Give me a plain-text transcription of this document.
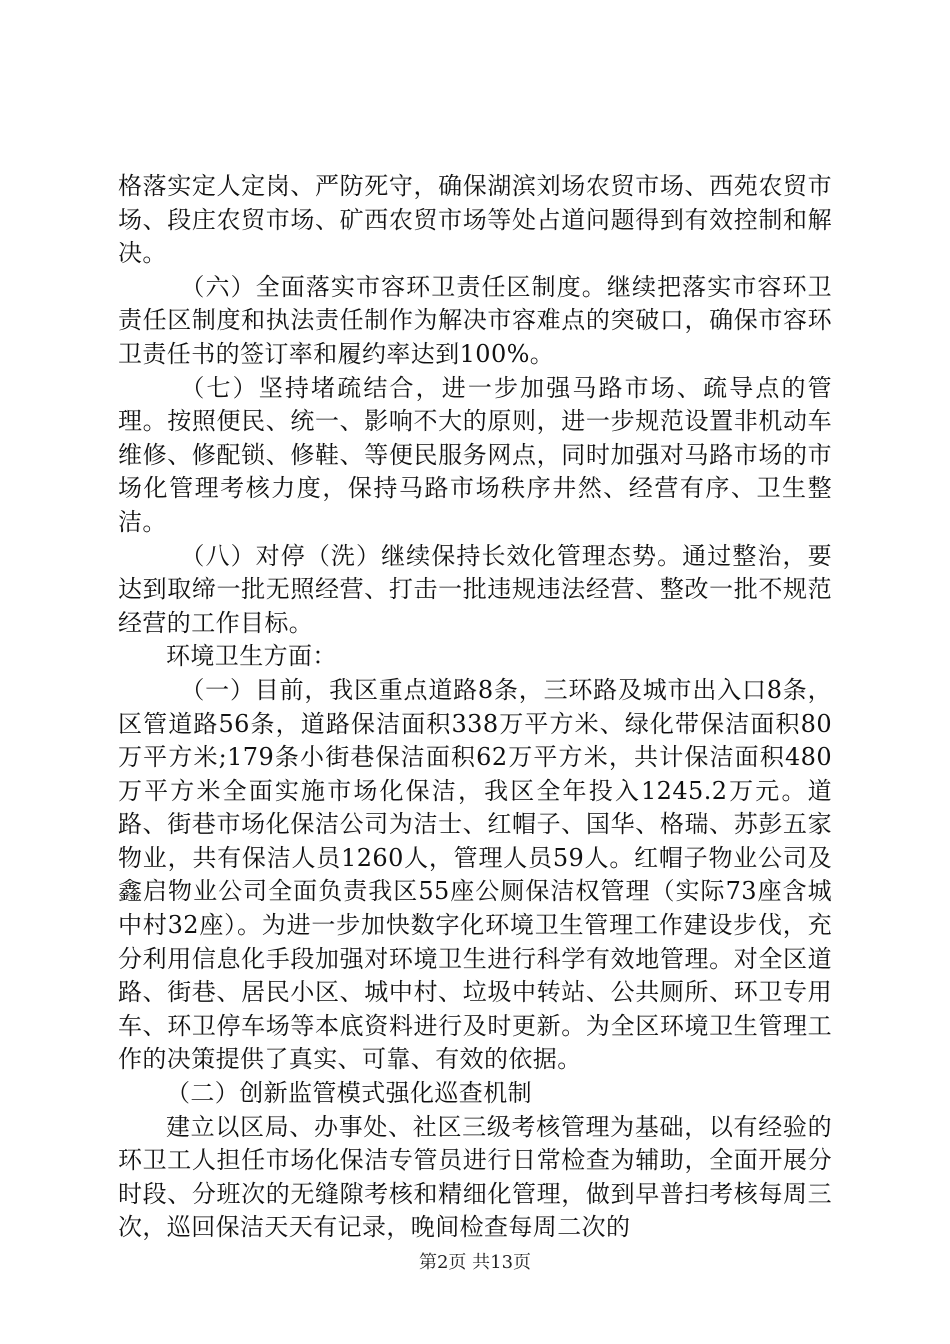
格落实定人定岗、严防死守，确保湖滨刘场农贸市场、西苑农贸市场、段庄农贸市场、矿西农贸市场等处占道问题得到有效控制和解决。

（六）全面落实市容环卫责任区制度。继续把落实市容环卫责任区制度和执法责任制作为解决市容难点的突破口，确保市容环卫责任书的签订率和履约率达到100%。

（七）坚持堵疏结合，进一步加强马路市场、疏导点的管理。按照便民、统一、影响不大的原则，进一步规范设置非机动车维修、修配锁、修鞋、等便民服务网点，同时加强对马路市场的市场化管理考核力度，保持马路市场秩序井然、经营有序、卫生整洁。

（八）对停（洗）继续保持长效化管理态势。通过整治，要达到取缔一批无照经营、打击一批违规违法经营、整改一批不规范经营的工作目标。

环境卫生方面：

（一）目前，我区重点道路8条，三环路及城市出入口8条，区管道路56条，道路保洁面积338万平方米、绿化带保洁面积80万平方米;179条小街巷保洁面积62万平方米，共计保洁面积480万平方米全面实施市场化保洁，我区全年投入1245.2万元。道路、街巷市场化保洁公司为洁士、红帽子、国华、格瑞、苏彭五家物业，共有保洁人员1260人，管理人员59人。红帽子物业公司及鑫启物业公司全面负责我区55座公厕保洁权管理（实际73座含城中村32座）。为进一步加快数字化环境卫生管理工作建设步伐，充分利用信息化手段加强对环境卫生进行科学有效地管理。对全区道路、街巷、居民小区、城中村、垃圾中转站、公共厕所、环卫专用车、环卫停车场等本底资料进行及时更新。为全区环境卫生管理工作的决策提供了真实、可靠、有效的依据。

（二）创新监管模式强化巡查机制

建立以区局、办事处、社区三级考核管理为基础，以有经验的环卫工人担任市场化保洁专管员进行日常检查为辅助，全面开展分时段、分班次的无缝隙考核和精细化管理，做到早普扫考核每周三次，巡回保洁天天有记录，晚间检查每周二次的

第2页 共13页
